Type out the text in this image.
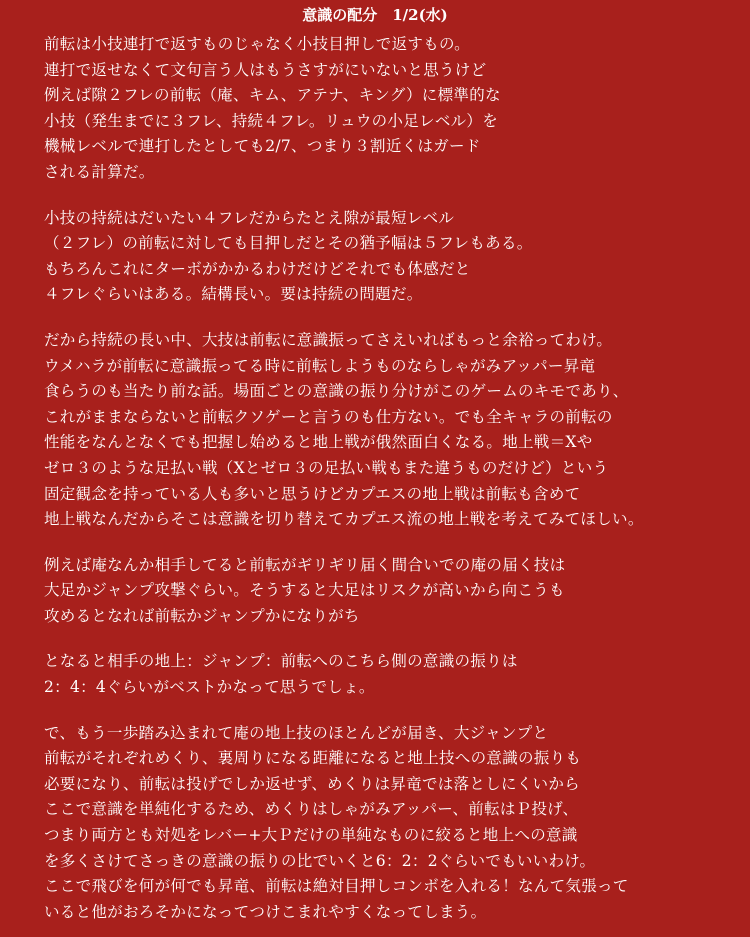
意識の配分　1/2(水)
前転は小技連打で返すものじゃなく小技目押しで返すもの。
連打で返せなくて文句言う人はもうさすがにいないと思うけど
例えば隙２フレの前転（庵、キム、アテナ、キング）に標準的な
小技（発生までに３フレ、持続４フレ。リュウの小足レベル）を
機械レベルで連打したとしても2/7、つまり３割近くはガード
される計算だ。
小技の持続はだいたい４フレだからたとえ隙が最短レベル
（２フレ）の前転に対しても目押しだとその猶予幅は５フレもある。
もちろんこれにターボがかかるわけだけどそれでも体感だと
４フレぐらいはある。結構長い。要は持続の問題だ。
だから持続の長い中、大技は前転に意識振ってさえいればもっと余裕ってわけ。
ウメハラが前転に意識振ってる時に前転しようものならしゃがみアッパー昇竜
食らうのも当たり前な話。場面ごとの意識の振り分けがこのゲームのキモであり、
これがままならないと前転クソゲーと言うのも仕方ない。でも全キャラの前転の
性能をなんとなくでも把握し始めると地上戦が俄然面白くなる。地上戦＝Xや
ゼロ３のような足払い戦（Xとゼロ３の足払い戦もまた違うものだけど）という
固定観念を持っている人も多いと思うけどカプエスの地上戦は前転も含めて
地上戦なんだからそこは意識を切り替えてカプエス流の地上戦を考えてみてほしい。
例えば庵なんか相手してると前転がギリギリ届く間合いでの庵の届く技は
大足かジャンプ攻撃ぐらい。そうすると大足はリスクが高いから向こうも
攻めるとなれば前転かジャンプかになりがち
となると相手の地上：ジャンプ：前転へのこちら側の意識の振りは
2：4：4ぐらいがベストかなって思うでしょ。
で、もう一歩踏み込まれて庵の地上技のほとんどが届き、大ジャンプと
前転がそれぞれめくり、裏周りになる距離になると地上技への意識の振りも
必要になり、前転は投げでしか返せず、めくりは昇竜では落としにくいから
ここで意識を単純化するため、めくりはしゃがみアッパー、前転はＰ投げ、
つまり両方とも対処をレバー+大Ｐだけの単純なものに絞ると地上への意識
を多くさけてさっきの意識の振りの比でいくと6：2：2ぐらいでもいいわけ。
ここで飛びを何が何でも昇竜、前転は絶対目押しコンボを入れる！なんて気張って
いると他がおろそかになってつけこまれやすくなってしまう。
